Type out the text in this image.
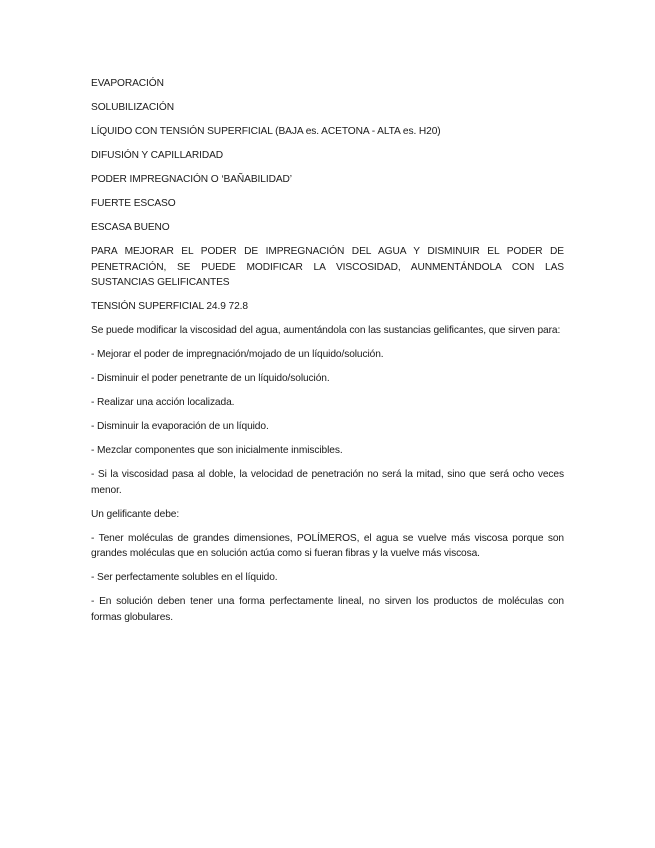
EVAPORACIÓN

SOLUBILIZACIÓN

LÍQUIDO CON TENSIÓN SUPERFICIAL (BAJA es. ACETONA - ALTA es. H20)

DIFUSIÓN Y CAPILLARIDAD

PODER IMPREGNACIÓN O ‘BAÑABILIDAD’

FUERTE ESCASO

ESCASA BUENO

PARA MEJORAR EL PODER DE IMPREGNACIÓN DEL AGUA Y DISMINUIR EL PODER DE PENETRACIÓN, SE PUEDE MODIFICAR LA VISCOSIDAD, AUNMENTÁNDOLA CON LAS SUSTANCIAS GELIFICANTES

TENSIÓN SUPERFICIAL 24.9 72.8

Se puede modificar la viscosidad del agua, aumentándola con las sustancias gelificantes, que sirven para:

- Mejorar el poder de impregnación/mojado de un líquido/solución.

- Disminuir el poder penetrante de un líquido/solución.

- Realizar una acción localizada.

- Disminuir la evaporación de un líquido.

- Mezclar componentes que son inicialmente inmiscibles.

- Si la viscosidad pasa al doble, la velocidad de penetración no será la mitad, sino que será ocho veces menor.

Un gelificante debe:

- Tener moléculas de grandes dimensiones, POLÍMEROS, el agua se vuelve más viscosa porque son grandes moléculas que en solución actúa como si fueran fibras y la vuelve más viscosa.

- Ser perfectamente solubles en el líquido.

- En solución deben tener una forma perfectamente lineal, no sirven los productos de moléculas con formas globulares.
